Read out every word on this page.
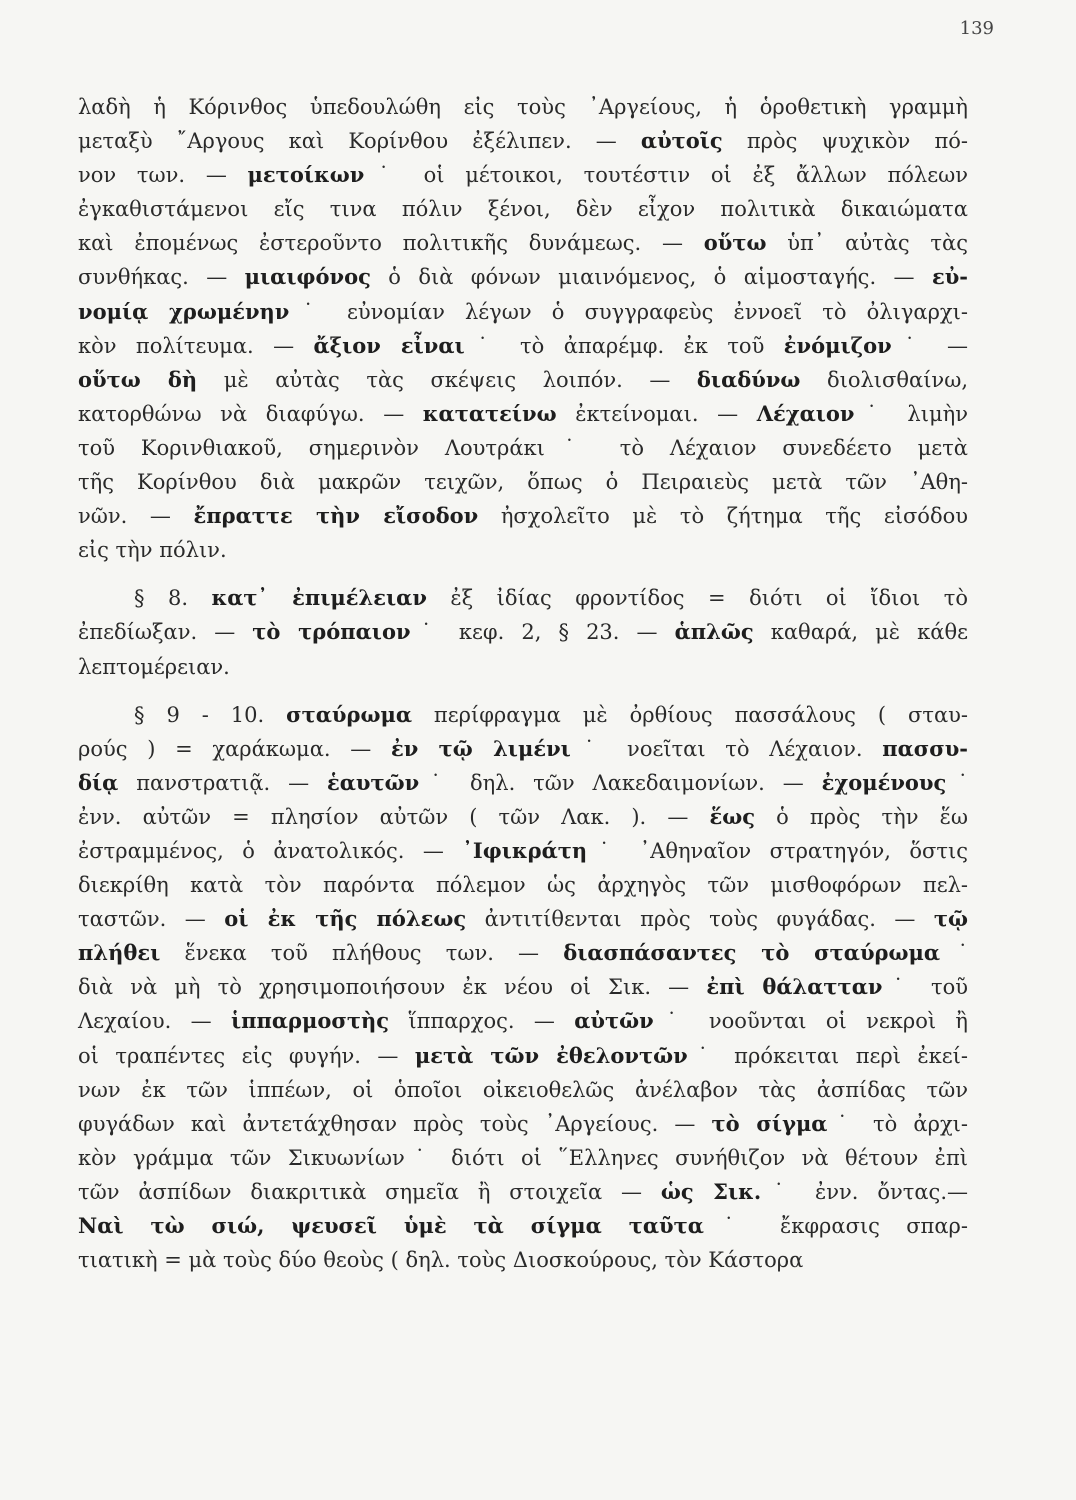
139
λαδὴ ἡ Κόρινθος ὑπεδουλώθη εἰς τοὺς ᾽Αργείους, ἡ ὁροθετικὴ γραμμὴ
μεταξὺ ῎Αργους καὶ Κορίνθου ἐξέλιπεν. — αὐτοῖς πρὸς ψυχικὸν πό-
νον των. — μετοίκων˙ οἱ μέτοικοι, τουτέστιν οἱ ἐξ ἄλλων πόλεων
ἐγκαθιστάμενοι εἴς τινα πόλιν ξένοι, δὲν εἶχον πολιτικὰ δικαιώματα
καὶ ἐπομένως ἐστεροῦντο πολιτικῆς δυνάμεως. — οὕτω ὑπ᾽ αὐτὰς τὰς
συνθήκας. — μιαιφόνος ὁ διὰ φόνων μιαινόμενος, ὁ αἱμοσταγής. — εὐ-
νομίᾳ χρωμένην˙ εὐνομίαν λέγων ὁ συγγραφεὺς ἐννοεῖ τὸ ὀλιγαρχι-
κὸν πολίτευμα. — ἄξιον εἶναι˙ τὸ ἀπαρέμφ. ἐκ τοῦ ἐνόμιζον˙ —
οὕτω δὴ μὲ αὐτὰς τὰς σκέψεις λοιπόν. — διαδύνω διολισθαίνω,
κατορθώνω νὰ διαφύγω. — κατατείνω ἐκτείνομαι. — Λέχαιον˙ λιμὴν
τοῦ Κορινθιακοῦ, σημερινὸν Λουτράκι˙ τὸ Λέχαιον συνεδέετο μετὰ
τῆς Κορίνθου διὰ μακρῶν τειχῶν, ὅπως ὁ Πειραιεὺς μετὰ τῶν ᾽Αθη-
νῶν. — ἔπραττε τὴν εἴσοδον ἠσχολεῖτο μὲ τὸ ζήτημα τῆς εἰσόδου
εἰς τὴν πόλιν.
§ 8. κατ᾽ ἐπιμέλειαν ἐξ ἰδίας φροντίδος = διότι οἱ ἴδιοι τὸ
ἐπεδίωξαν. — τὸ τρόπαιον˙ κεφ. 2, § 23. — ἁπλῶς καθαρά, μὲ κάθε
λεπτομέρειαν.
§ 9 - 10. σταύρωμα περίφραγμα μὲ ὀρθίους πασσάλους ( σταυ-
ρούς ) = χαράκωμα. — ἐν τῷ λιμένι˙ νοεῖται τὸ Λέχαιον. πασσυ-
δίᾳ πανστρατιᾷ. — ἑαυτῶν˙ δηλ. τῶν Λακεδαιμονίων. — ἐχομένους˙
ἐνν. αὐτῶν = πλησίον αὐτῶν ( τῶν Λακ. ). — ἕως ὁ πρὸς τὴν ἕω
ἐστραμμένος, ὁ ἀνατολικός. — ᾽Ιφικράτη˙ ᾽Αθηναῖον στρατηγόν, ὅστις
διεκρίθη κατὰ τὸν παρόντα πόλεμον ὡς ἀρχηγὸς τῶν μισθοφόρων πελ-
ταστῶν. — οἱ ἐκ τῆς πόλεως ἀντιτίθενται πρὸς τοὺς φυγάδας. — τῷ
πλήθει ἕνεκα τοῦ πλήθους των. — διασπάσαντες τὸ σταύρωμα˙
διὰ νὰ μὴ τὸ χρησιμοποιήσουν ἐκ νέου οἱ Σικ. — ἐπὶ θάλατταν˙ τοῦ
Λεχαίου. — ἱππαρμοστὴς ἵππαρχος. — αὐτῶν˙ νοοῦνται οἱ νεκροὶ ἢ
οἱ τραπέντες εἰς φυγήν. — μετὰ τῶν ἐθελοντῶν˙ πρόκειται περὶ ἐκεί-
νων ἐκ τῶν ἱππέων, οἱ ὁποῖοι οἰκειοθελῶς ἀνέλαβον τὰς ἀσπίδας τῶν
φυγάδων καὶ ἀντετάχθησαν πρὸς τοὺς ᾽Αργείους. — τὸ σίγμα˙ τὸ ἀρχι-
κὸν γράμμα τῶν Σικυωνίων˙ διότι οἱ ῞Ελληνες συνήθιζον νὰ θέτουν ἐπὶ
τῶν ἀσπίδων διακριτικὰ σημεῖα ἢ στοιχεῖα — ὡς Σικ.˙ ἐνν. ὄντας.—
Ναὶ τὼ σιώ, ψευσεῖ ὑμὲ τὰ σίγμα ταῦτα˙ ἔκφρασις σπαρ-
τιατικὴ = μὰ τοὺς δύο θεοὺς ( δηλ. τοὺς Διοσκούρους, τὸν Κάστορα
